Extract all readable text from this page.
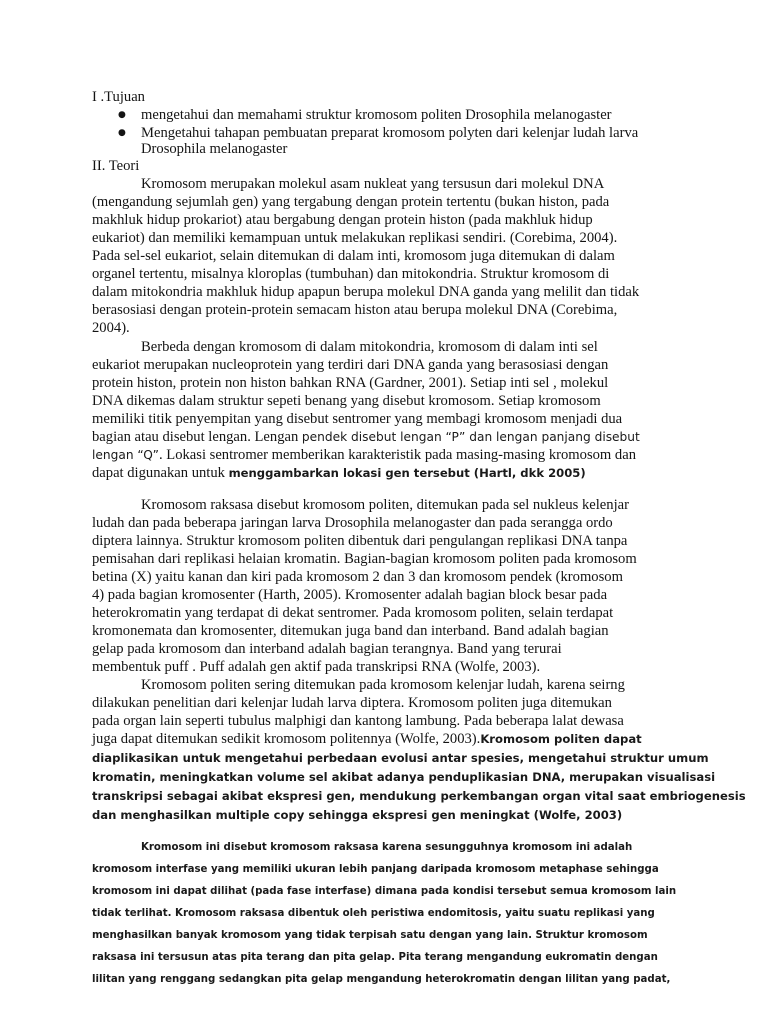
I .Tujuan
● mengetahui dan memahami struktur kromosom politen Drosophila melanogaster
● Mengetahui tahapan pembuatan preparat kromosom polyten dari kelenjar ludah larva
Drosophila melanogaster
II. Teori
Kromosom merupakan molekul asam nukleat yang tersusun dari molekul DNA
(mengandung sejumlah gen) yang tergabung dengan protein tertentu (bukan histon, pada
makhluk hidup prokariot) atau bergabung dengan protein histon (pada makhluk hidup
eukariot) dan memiliki kemampuan untuk melakukan replikasi sendiri. (Corebima, 2004).
Pada sel-sel eukariot, selain ditemukan di dalam inti, kromosom juga ditemukan di dalam
organel tertentu, misalnya kloroplas (tumbuhan) dan mitokondria. Struktur kromosom di
dalam mitokondria makhluk hidup apapun berupa molekul DNA ganda yang melilit dan tidak
berasosiasi dengan protein-protein semacam histon atau berupa molekul DNA (Corebima,
2004).
Berbeda dengan kromosom di dalam mitokondria, kromosom di dalam inti sel
eukariot merupakan nucleoprotein yang terdiri dari DNA ganda yang berasosiasi dengan
protein histon, protein non histon bahkan RNA (Gardner, 2001). Setiap inti sel , molekul
DNA dikemas dalam struktur sepeti benang yang disebut kromosom. Setiap kromosom
memiliki titik penyempitan yang disebut sentromer yang membagi kromosom menjadi dua
bagian atau disebut lengan. Lengan pendek disebut lengan “P” dan lengan panjang disebut
lengan “Q”. Lokasi sentromer memberikan karakteristik pada masing-masing kromosom dan
dapat digunakan untuk menggambarkan lokasi gen tersebut (Hartl, dkk 2005)
Kromosom raksasa disebut kromosom politen, ditemukan pada sel nukleus kelenjar
ludah dan pada beberapa jaringan larva Drosophila melanogaster dan pada serangga ordo
diptera lainnya. Struktur kromosom politen dibentuk dari pengulangan replikasi DNA tanpa
pemisahan dari replikasi helaian kromatin. Bagian-bagian kromosom politen pada kromosom
betina (X) yaitu kanan dan kiri pada kromosom 2 dan 3 dan kromosom pendek (kromosom
4) pada bagian kromosenter (Harth, 2005). Kromosenter adalah bagian block besar pada
heterokromatin yang terdapat di dekat sentromer. Pada kromosom politen, selain terdapat
kromonemata dan kromosenter, ditemukan juga band dan interband. Band adalah bagian
gelap pada kromosom dan interband adalah bagian terangnya. Band yang terurai
membentuk puff . Puff adalah gen aktif pada transkripsi RNA (Wolfe, 2003).
Kromosom politen sering ditemukan pada kromosom kelenjar ludah, karena seirng
dilakukan penelitian dari kelenjar ludah larva diptera. Kromosom politen juga ditemukan
pada organ lain seperti tubulus malphigi dan kantong lambung. Pada beberapa lalat dewasa
juga dapat ditemukan sedikit kromosom politennya (Wolfe, 2003).Kromosom politen dapat
diaplikasikan untuk mengetahui perbedaan evolusi antar spesies, mengetahui struktur umum
kromatin, meningkatkan volume sel akibat adanya penduplikasian DNA, merupakan visualisasi
transkripsi sebagai akibat ekspresi gen, mendukung perkembangan organ vital saat embriogenesis
dan menghasilkan multiple copy sehingga ekspresi gen meningkat (Wolfe, 2003)
Kromosom ini disebut kromosom raksasa karena sesungguhnya kromosom ini adalah
kromosom interfase yang memiliki ukuran lebih panjang daripada kromosom metaphase sehingga
kromosom ini dapat dilihat (pada fase interfase) dimana pada kondisi tersebut semua kromosom lain
tidak terlihat. Kromosom raksasa dibentuk oleh peristiwa endomitosis, yaitu suatu replikasi yang
menghasilkan banyak kromosom yang tidak terpisah satu dengan yang lain. Struktur kromosom
raksasa ini tersusun atas pita terang dan pita gelap. Pita terang mengandung eukromatin dengan
lilitan yang renggang sedangkan pita gelap mengandung heterokromatin dengan lilitan yang padat,
